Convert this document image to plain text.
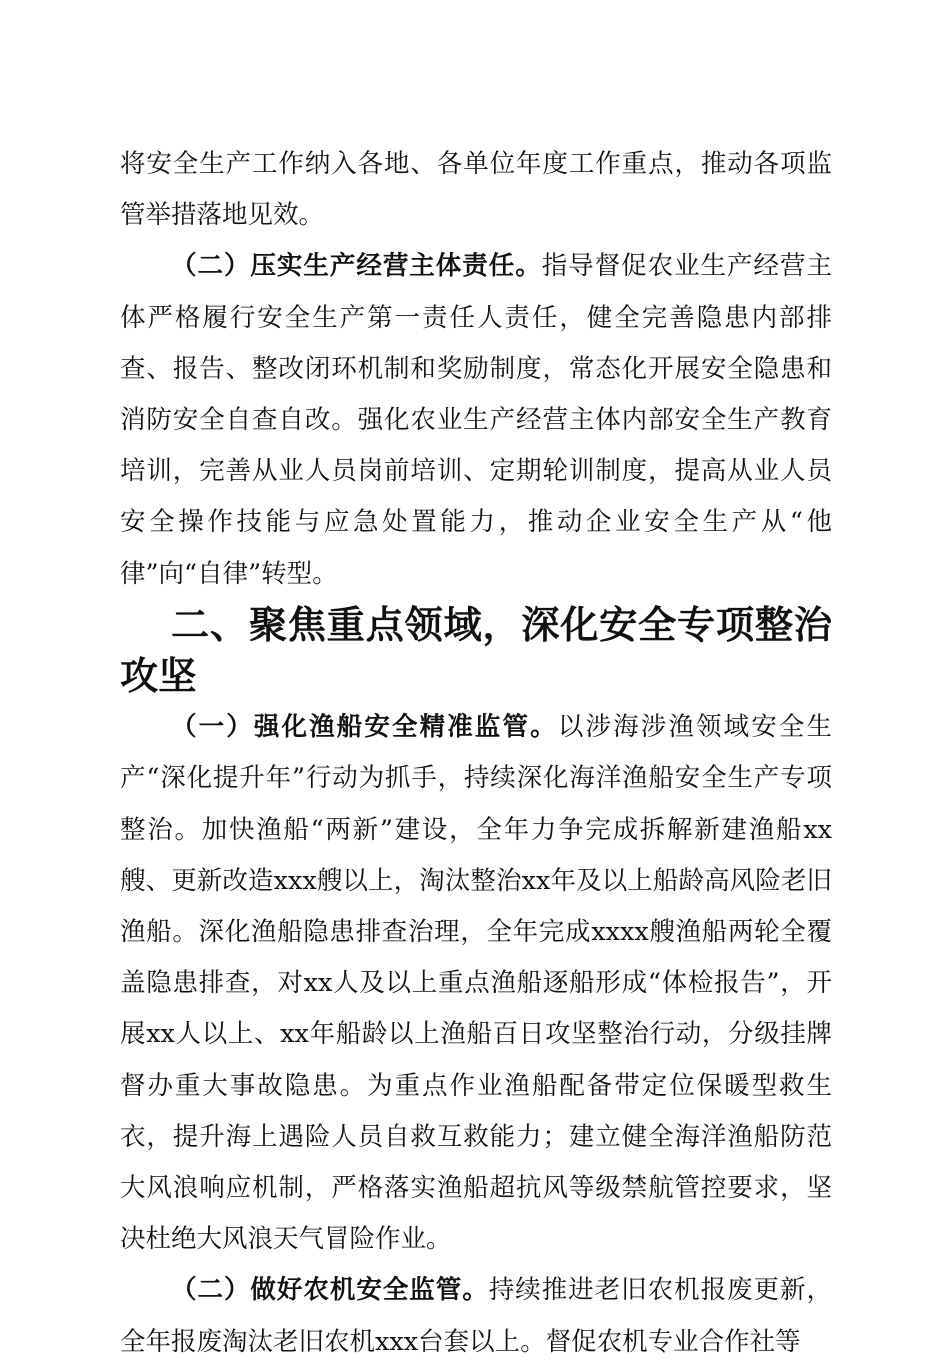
将安全生产工作纳入各地、各单位年度工作重点，推动各项监管举措落地见效。

（二）压实生产经营主体责任。指导督促农业生产经营主体严格履行安全生产第一责任人责任，健全完善隐患内部排查、报告、整改闭环机制和奖励制度，常态化开展安全隐患和消防安全自查自改。强化农业生产经营主体内部安全生产教育培训，完善从业人员岗前培训、定期轮训制度，提高从业人员安全操作技能与应急处置能力，推动企业安全生产从“他律”向“自律”转型。

二、聚焦重点领域，深化安全专项整治攻坚

（一）强化渔船安全精准监管。以涉海涉渔领域安全生产“深化提升年”行动为抓手，持续深化海洋渔船安全生产专项整治。加快渔船“两新”建设，全年力争完成拆解新建渔船xx艘、更新改造xxx艘以上，淘汰整治xx年及以上船龄高风险老旧渔船。深化渔船隐患排查治理，全年完成xxxx艘渔船两轮全覆盖隐患排查，对xx人及以上重点渔船逐船形成“体检报告”，开展xx人以上、xx年船龄以上渔船百日攻坚整治行动，分级挂牌督办重大事故隐患。为重点作业渔船配备带定位保暖型救生衣，提升海上遇险人员自救互救能力；建立健全海洋渔船防范大风浪响应机制，严格落实渔船超抗风等级禁航管控要求，坚决杜绝大风浪天气冒险作业。

（二）做好农机安全监管。持续推进老旧农机报废更新，全年报废淘汰老旧农机xxx台套以上。督促农机专业合作社等
